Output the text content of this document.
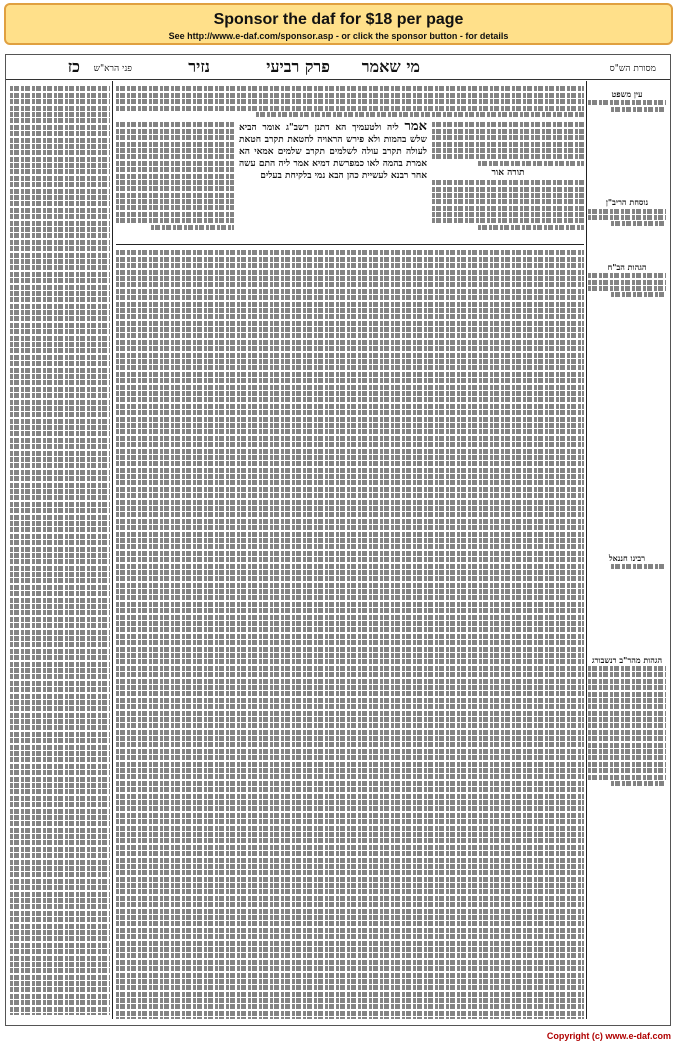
Sponsor the daf for $18 per page
See http://www.e-daf.com/sponsor.asp - or click the sponsor button - for details
מסורת הש"ס
מי שאמר
פרק רביעי
נזיר
כז פני הרא"ש
עין משפט
נוסחת הריב"ן
הגהות הב"ח
רבינו חננאל
הגהות מהר"ב רנשבורג
תורה אור
אמר ליה ולטעמיך הא דתנן רשב"ג אומר הביא שלש בהמות ולא פירש הראויה לחטאת תקרב חטאת לעולה תקרב עולה לשלמים תקרב שלמים אמאי הא אמרת בהמה לאו כמפרשת דמיא אמר ליה התם עשה אחר רבנא לעשיית כהן הבא נמי בלקיחת בעלים
Copyright (c) www.e-daf.com
